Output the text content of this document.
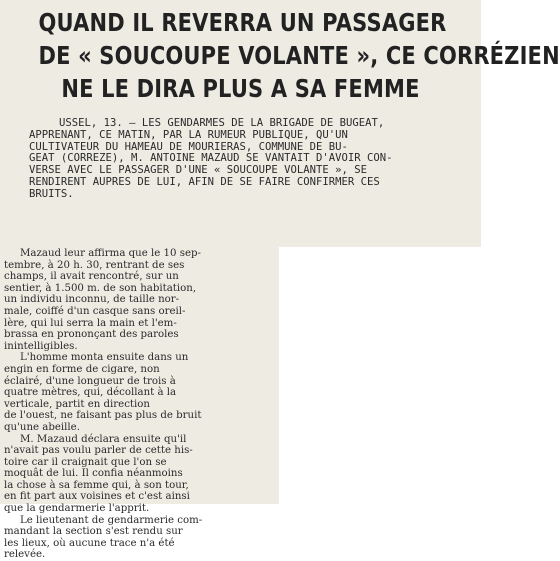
QUAND IL REVERRA UN PASSAGER
DE « SOUCOUPE VOLANTE », CE CORRÉZIEN
NE LE DIRA PLUS A SA FEMME
USSEL, 13. — LES GENDARMES DE LA BRIGADE DE BUGEAT,
APPRENANT, CE MATIN, PAR LA RUMEUR PUBLIQUE, QU'UN
CULTIVATEUR DU HAMEAU DE MOURIERAS, COMMUNE DE BU-
GEAT (CORREZE), M. ANTOINE MAZAUD SE VANTAIT D'AVOIR CON-
VERSE AVEC LE PASSAGER D'UNE « SOUCOUPE VOLANTE », SE
RENDIRENT AUPRES DE LUI, AFIN DE SE FAIRE CONFIRMER CES
BRUITS.

Mazaud leur affirma que le 10 sep-
tembre, à 20 h. 30, rentrant de ses
champs, il avait rencontré, sur un
sentier, à 1.500 m. de son habitation,
un individu inconnu, de taille nor-
male, coiffé d'un casque sans oreil-
lère, qui lui serra la main et l'em-
brassa en prononçant des paroles
inintelligibles.

L'homme monta ensuite dans un
engin en forme de cigare, non
éclairé, d'une longueur de trois à
quatre mètres, qui, décollant à la
verticale, partit en direction
de l'ouest, ne faisant pas plus de bruit
qu'une abeille.

M. Mazaud déclara ensuite qu'il
n'avait pas voulu parler de cette his-
toire car il craignait que l'on se
moquât de lui. Il confia néanmoins
la chose à sa femme qui, à son tour,
en fit part aux voisines et c'est ainsi
que la gendarmerie l'apprit.

Le lieutenant de gendarmerie com-
mandant la section s'est rendu sur
les lieux, où aucune trace n'a été
relevée.
